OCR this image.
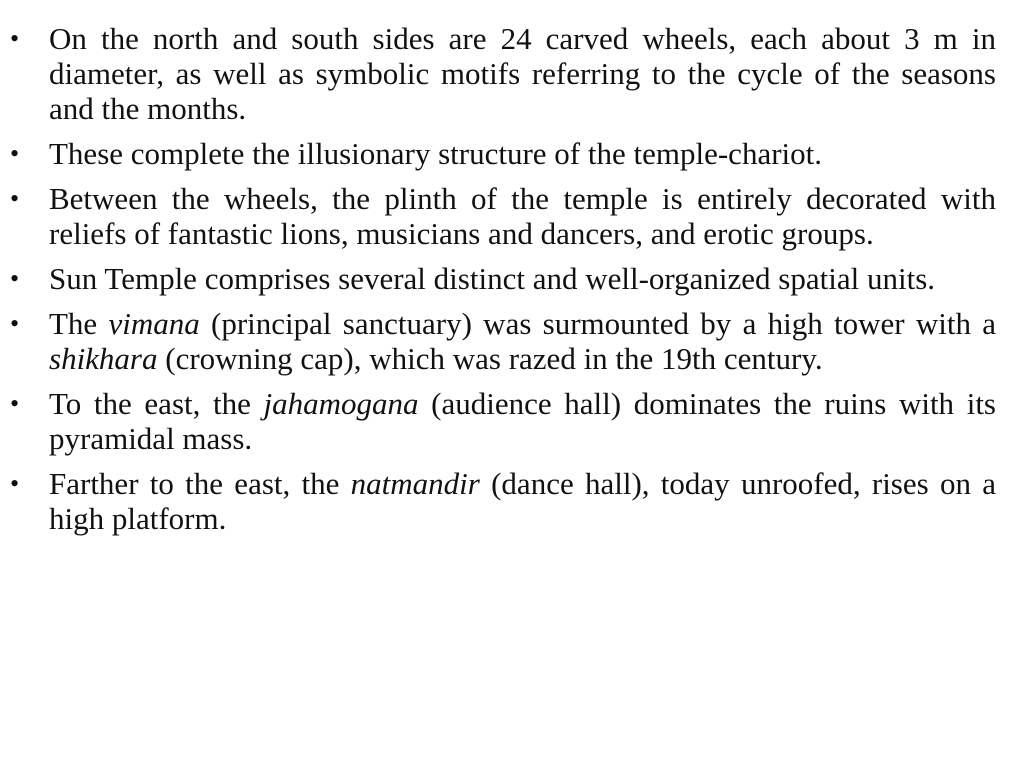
• On the north and south sides are 24 carved wheels, each about 3 m in diameter, as well as symbolic motifs referring to the cycle of the seasons and the months.
• These complete the illusionary structure of the temple-chariot.
• Between the wheels, the plinth of the temple is entirely decorated with reliefs of fantastic lions, musicians and dancers, and erotic groups.
• Sun Temple comprises several distinct and well-organized spatial units.
• The vimana (principal sanctuary) was surmounted by a high tower with a shikhara (crowning cap), which was razed in the 19th century.
• To the east, the jahamogana (audience hall) dominates the ruins with its pyramidal mass.
• Farther to the east, the natmandir (dance hall), today unroofed, rises on a high platform.
